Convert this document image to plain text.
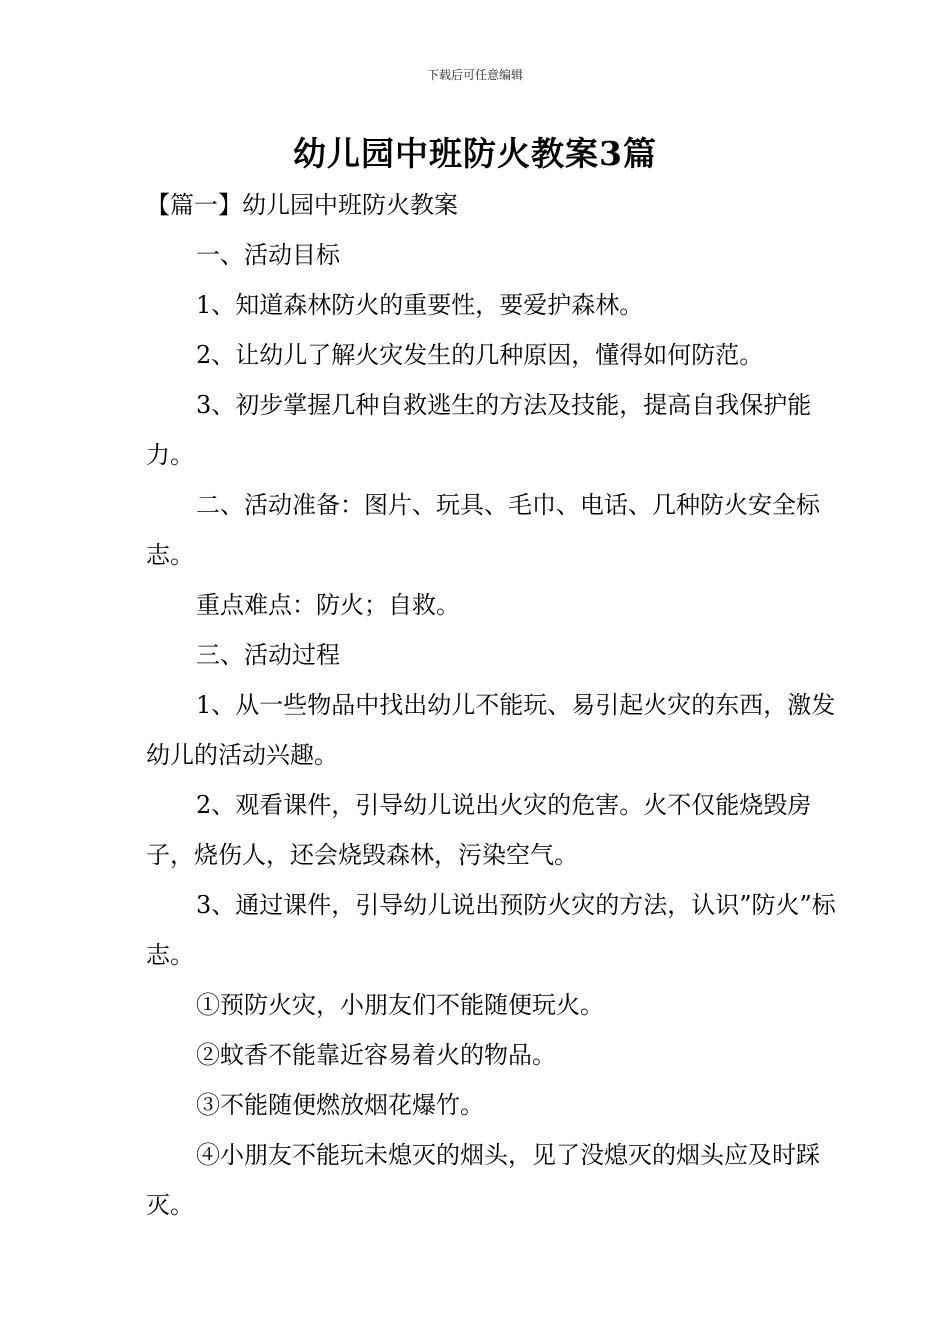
下载后可任意编辑
幼儿园中班防火教案3篇

【篇一】幼儿园中班防火教案

一、活动目标

1、知道森林防火的重要性，要爱护森林。

2、让幼儿了解火灾发生的几种原因，懂得如何防范。

3、初步掌握几种自救逃生的方法及技能，提高自我保护能力。

二、活动准备：图片、玩具、毛巾、电话、几种防火安全标志。

重点难点：防火；自救。

三、活动过程

1、从一些物品中找出幼儿不能玩、易引起火灾的东西，激发幼儿的活动兴趣。

2、观看课件，引导幼儿说出火灾的危害。火不仅能烧毁房子，烧伤人，还会烧毁森林，污染空气。

3、通过课件，引导幼儿说出预防火灾的方法，认识”防火”标志。

①预防火灾，小朋友们不能随便玩火。

②蚊香不能靠近容易着火的物品。

③不能随便燃放烟花爆竹。

④小朋友不能玩未熄灭的烟头，见了没熄灭的烟头应及时踩灭。
